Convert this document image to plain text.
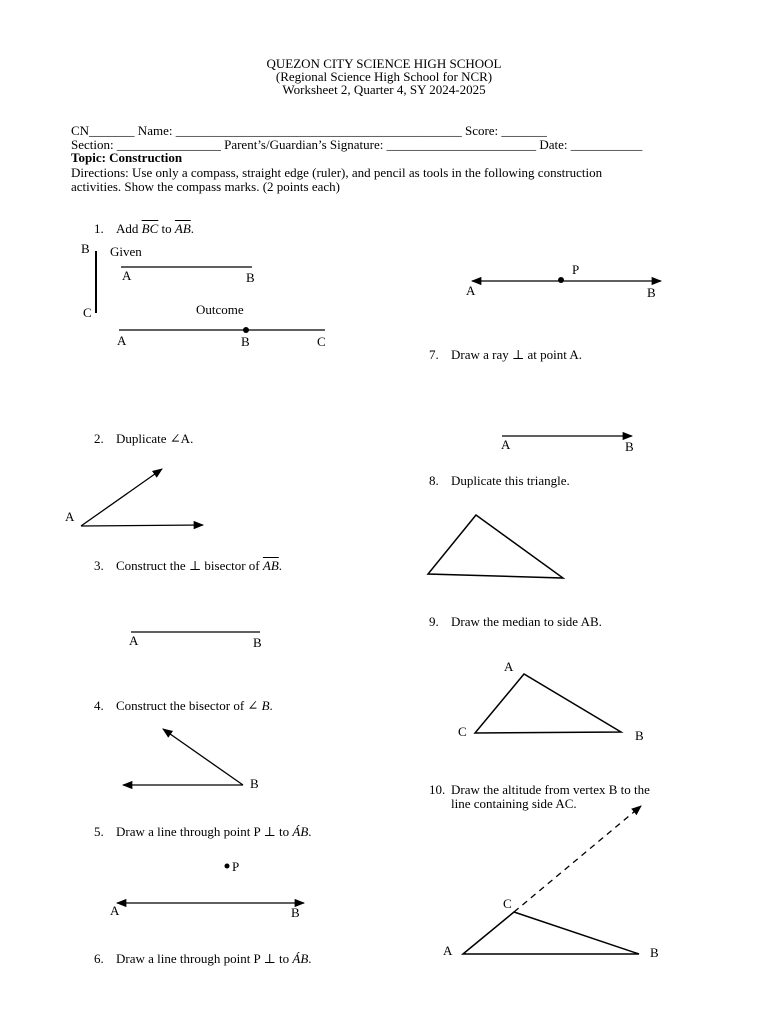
QUEZON CITY SCIENCE HIGH SCHOOL
(Regional Science High School for NCR)
Worksheet 2, Quarter 4, SY 2024-2025
CN_______ Name: ____________________________________________ Score: _______
Section: ________________ Parent’s/Guardian’s Signature: _______________________ Date: ___________
Topic: Construction
Directions: Use only a compass, straight edge (ruler), and pencil as tools in the following construction
activities. Show the compass marks. (2 points each)
1. Add $\overline{BC}$ to $\overline{AB}$.
B Given
A	B
Outcome
C
A	B	C
2. Duplicate ∠A.
A
3. Construct the ⊥ bisector of $\overline{AB}$.
A	B
4. Construct the bisector of ∠ B.
B
5. Draw a line through point P ⊥ to ÁB.
P
A	B
6. Draw a line through point P ⊥ to ÁB.
P
A	B
7. Draw a ray ⊥ at point A.
A	B
8. Duplicate this triangle.
9. Draw the median to side AB.
A
C	B
10. Draw the altitude from vertex B to the
line containing side AC.
C
A	B
